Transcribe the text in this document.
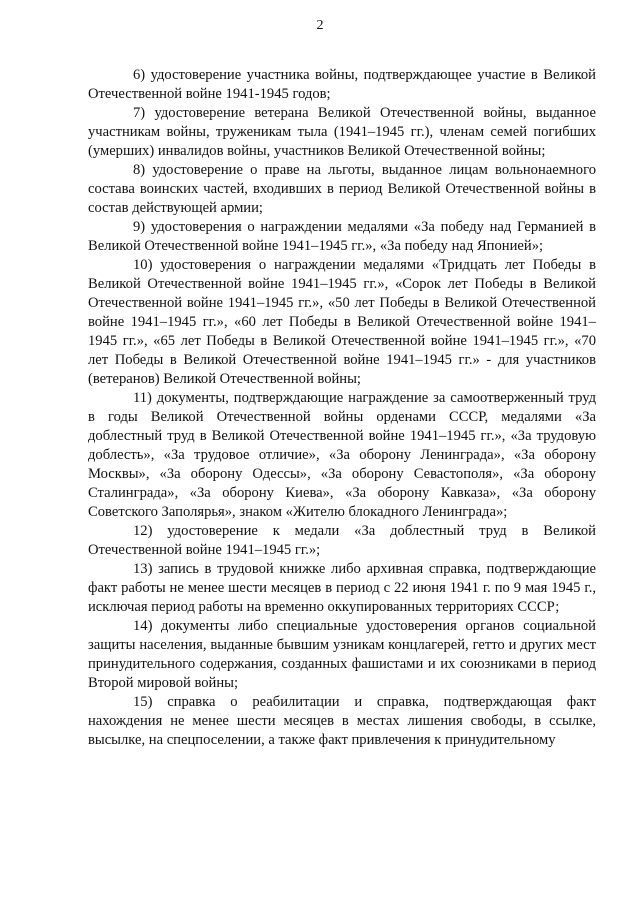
2

6) удостоверение участника войны, подтверждающее участие в Великой Отечественной войне 1941-1945 годов;

7) удостоверение ветерана Великой Отечественной войны, выданное участникам войны, труженикам тыла (1941–1945 гг.), членам семей погибших (умерших) инвалидов войны, участников Великой Отечественной войны;

8) удостоверение о праве на льготы, выданное лицам вольнонаемного состава воинских частей, входивших в период Великой Отечественной войны в состав действующей армии;

9) удостоверения о награждении медалями «За победу над Германией в Великой Отечественной войне 1941–1945 гг.», «За победу над Японией»;

10) удостоверения о награждении медалями «Тридцать лет Победы в Великой Отечественной войне 1941–1945 гг.», «Сорок лет Победы в Великой Отечественной войне 1941–1945 гг.», «50 лет Победы в Великой Отечественной войне 1941–1945 гг.», «60 лет Победы в Великой Отечественной войне 1941–1945 гг.», «65 лет Победы в Великой Отечественной войне 1941–1945 гг.», «70 лет Победы в Великой Отечественной войне 1941–1945 гг.» - для участников (ветеранов) Великой Отечественной войны;

11) документы, подтверждающие награждение за самоотверженный труд в годы Великой Отечественной войны орденами СССР, медалями «За доблестный труд в Великой Отечественной войне 1941–1945 гг.», «За трудовую доблесть», «За трудовое отличие», «За оборону Ленинграда», «За оборону Москвы», «За оборону Одессы», «За оборону Севастополя», «За оборону Сталинграда», «За оборону Киева», «За оборону Кавказа», «За оборону Советского Заполярья», знаком «Жителю блокадного Ленинграда»;

12) удостоверение к медали «За доблестный труд в Великой Отечественной войне 1941–1945 гг.»;

13) запись в трудовой книжке либо архивная справка, подтверждающие факт работы не менее шести месяцев в период с 22 июня 1941 г. по 9 мая 1945 г., исключая период работы на временно оккупированных территориях СССР;

14) документы либо специальные удостоверения органов социальной защиты населения, выданные бывшим узникам концлагерей, гетто и других мест принудительного содержания, созданных фашистами и их союзниками в период Второй мировой войны;

15) справка о реабилитации и справка, подтверждающая факт нахождения не менее шести месяцев в местах лишения свободы, в ссылке, высылке, на спецпоселении, а также факт привлечения к принудительному
